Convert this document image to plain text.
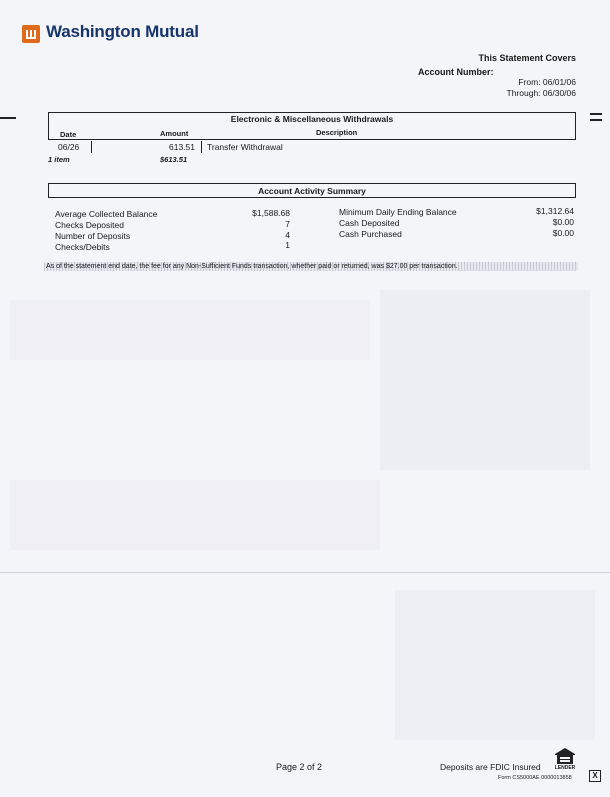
Washington Mutual
This Statement Covers
Account Number:
From: 06/01/06
Through: 06/30/06
Electronic & Miscellaneous Withdrawals
Date	Amount	Description
06/26	613.51 Transfer Withdrawal
1 item	$613.51
Account Activity Summary
Average Collected Balance	$1,588.68
Checks Deposited	7
Number of Deposits	4
Checks/Debits	1
Minimum Daily Ending Balance	$1,312.64
Cash Deposited	$0.00
Cash Purchased	$0.00
As of the statement end date, the fee for any Non-Sufficient Funds transaction, whether paid or returned, was $27.00 per transaction.
Page 2 of 2	Deposits are FDIC Insured	LENDER
Form CS5000AE 0000013858	X
